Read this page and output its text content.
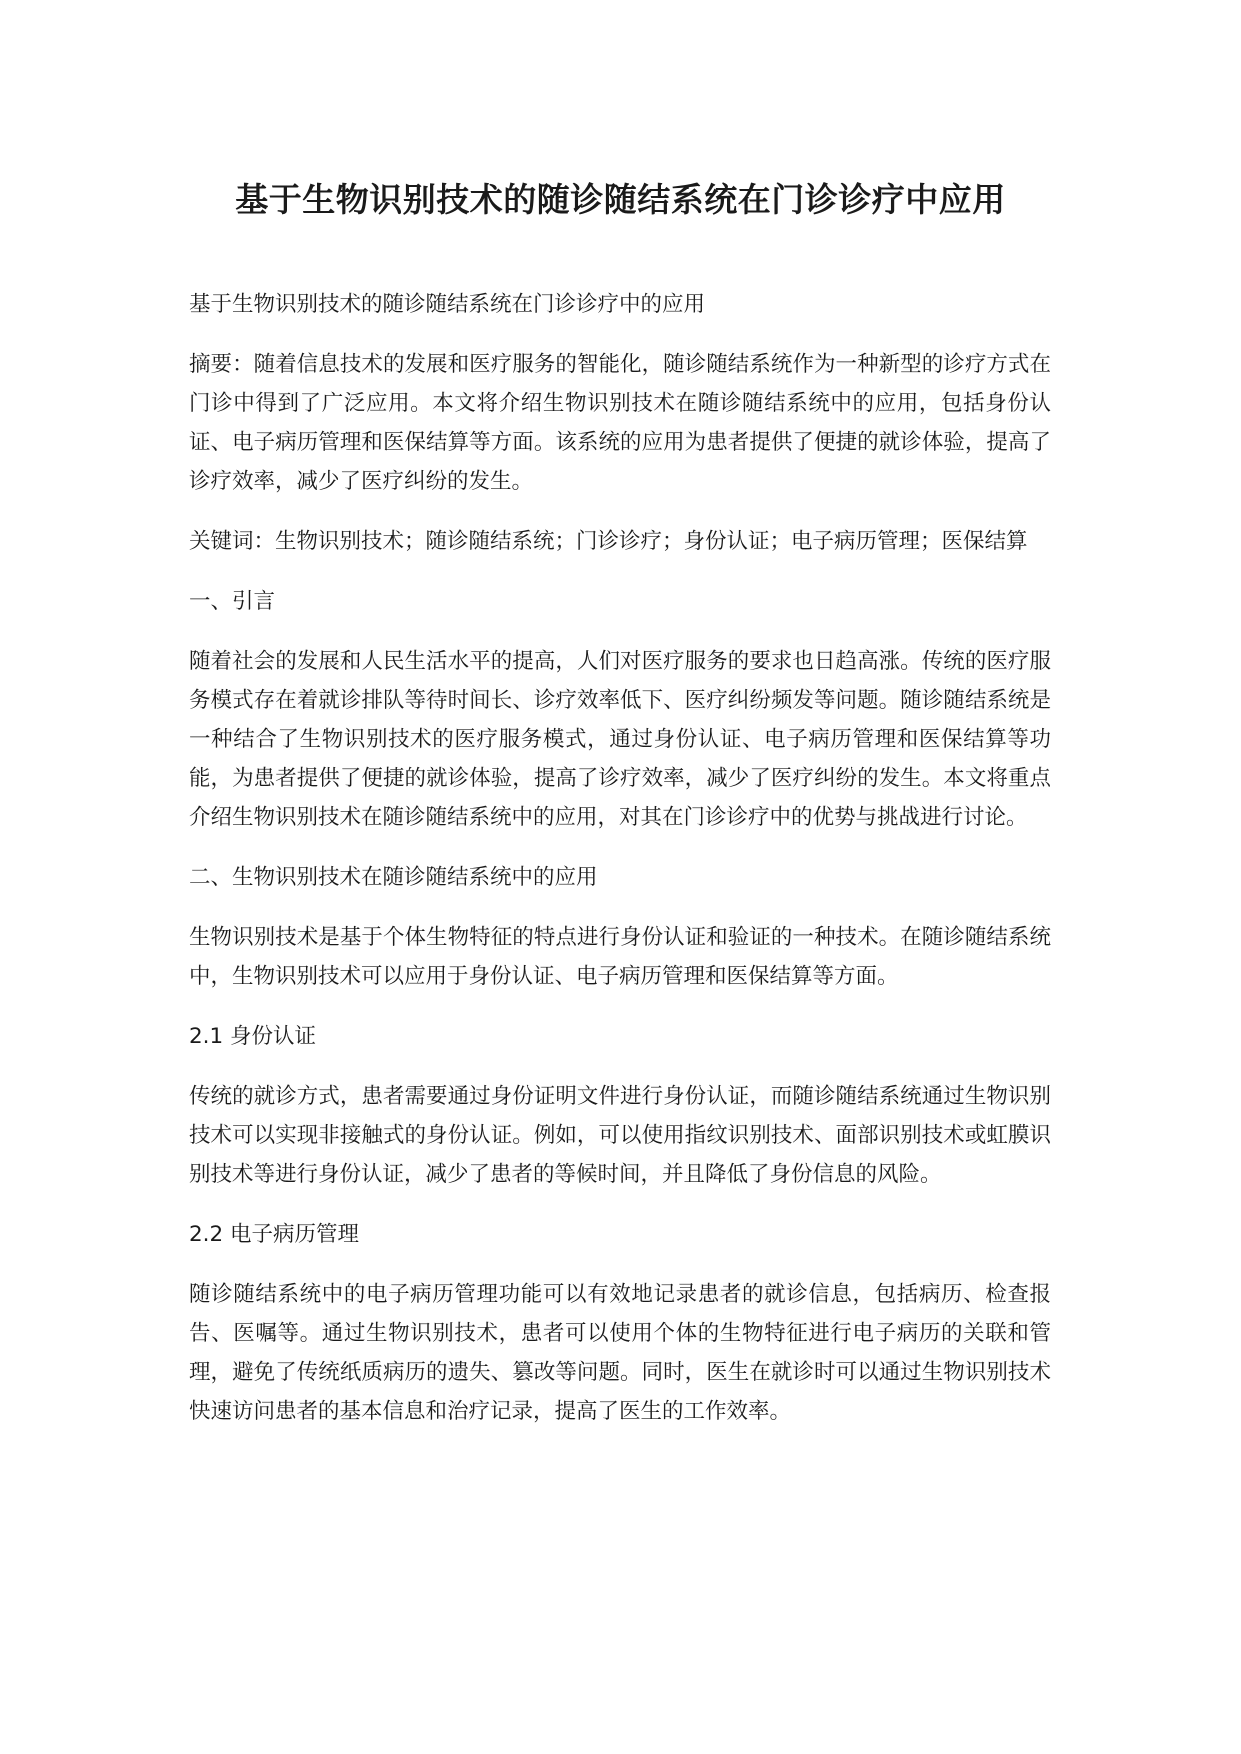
基于生物识别技术的随诊随结系统在门诊诊疗中应用

基于生物识别技术的随诊随结系统在门诊诊疗中的应用

摘要：随着信息技术的发展和医疗服务的智能化，随诊随结系统作为一种新型的诊疗方式在门诊中得到了广泛应用。本文将介绍生物识别技术在随诊随结系统中的应用，包括身份认证、电子病历管理和医保结算等方面。该系统的应用为患者提供了便捷的就诊体验，提高了诊疗效率，减少了医疗纠纷的发生。

关键词：生物识别技术；随诊随结系统；门诊诊疗；身份认证；电子病历管理；医保结算

一、引言

随着社会的发展和人民生活水平的提高，人们对医疗服务的要求也日趋高涨。传统的医疗服务模式存在着就诊排队等待时间长、诊疗效率低下、医疗纠纷频发等问题。随诊随结系统是一种结合了生物识别技术的医疗服务模式，通过身份认证、电子病历管理和医保结算等功能，为患者提供了便捷的就诊体验，提高了诊疗效率，减少了医疗纠纷的发生。本文将重点介绍生物识别技术在随诊随结系统中的应用，对其在门诊诊疗中的优势与挑战进行讨论。

二、生物识别技术在随诊随结系统中的应用

生物识别技术是基于个体生物特征的特点进行身份认证和验证的一种技术。在随诊随结系统中，生物识别技术可以应用于身份认证、电子病历管理和医保结算等方面。

2.1 身份认证

传统的就诊方式，患者需要通过身份证明文件进行身份认证，而随诊随结系统通过生物识别技术可以实现非接触式的身份认证。例如，可以使用指纹识别技术、面部识别技术或虹膜识别技术等进行身份认证，减少了患者的等候时间，并且降低了身份信息的风险。

2.2 电子病历管理

随诊随结系统中的电子病历管理功能可以有效地记录患者的就诊信息，包括病历、检查报告、医嘱等。通过生物识别技术，患者可以使用个体的生物特征进行电子病历的关联和管理，避免了传统纸质病历的遗失、篡改等问题。同时，医生在就诊时可以通过生物识别技术快速访问患者的基本信息和治疗记录，提高了医生的工作效率。
